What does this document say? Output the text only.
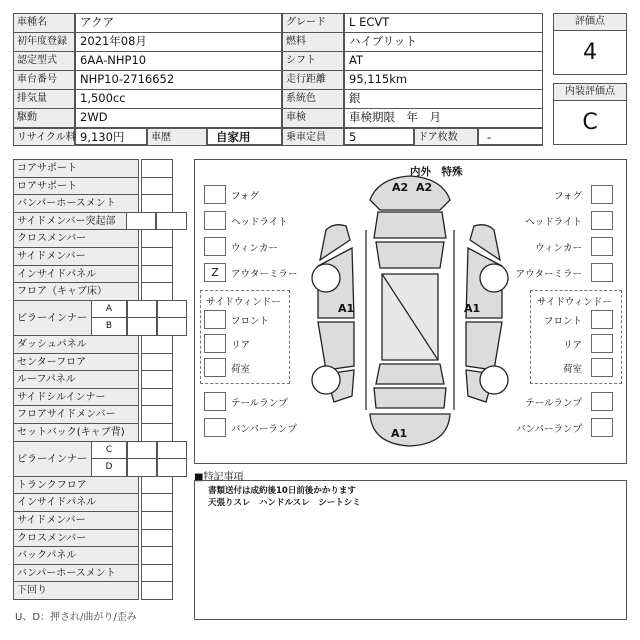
車種名	アクア	グレード	L ECVT
初年度登録	2021年08月	燃料	ハイブリット
認定型式	6AA-NHP10	シフト	AT
車台番号	NHP10-2716652	走行距離	95,115km
排気量	1,500cc	系統色	銀
駆動	2WD	車検	車検期限　年　月
リサイクル料 9,130円	車歴	自家用	乗車定員	5	ドア枚数	-
評価点
4
内装評価点
C
コアサポート
ロアサポート
バンパーホースメント
サイドメンバー突起部
クロスメンバー
サイドメンバー
インサイドパネル
フロア（キャブ床）
ピラーインナー
A
B
ダッシュパネル
センターフロア
ルーフパネル
サイドシルインナー
フロアサイドメンバー
セットバック(キャブ背)
ピラーインナー
C
D
トランクフロア
インサイドパネル
サイドメンバー
クロスメンバー
バックパネル
バンパーホースメント
下回り
U、D：押され/曲がり/歪み
内外　特殊
A2 A2
A1	A1
A1
フォグ
ヘッドライト
ウィンカー
Z	アウターミラー
フォグ
ヘッドライト
ウィンカー
アウターミラー
フロント	フロント
リア	リア
荷室	荷室
テールランプ	テールランプ
バンパーランプ	バンパーランプ
サイドウィンドー	サイドウィンドー
■特記事項
書類送付は成約後10日前後かかります
天張りスレ　ハンドルスレ　シートシミ
